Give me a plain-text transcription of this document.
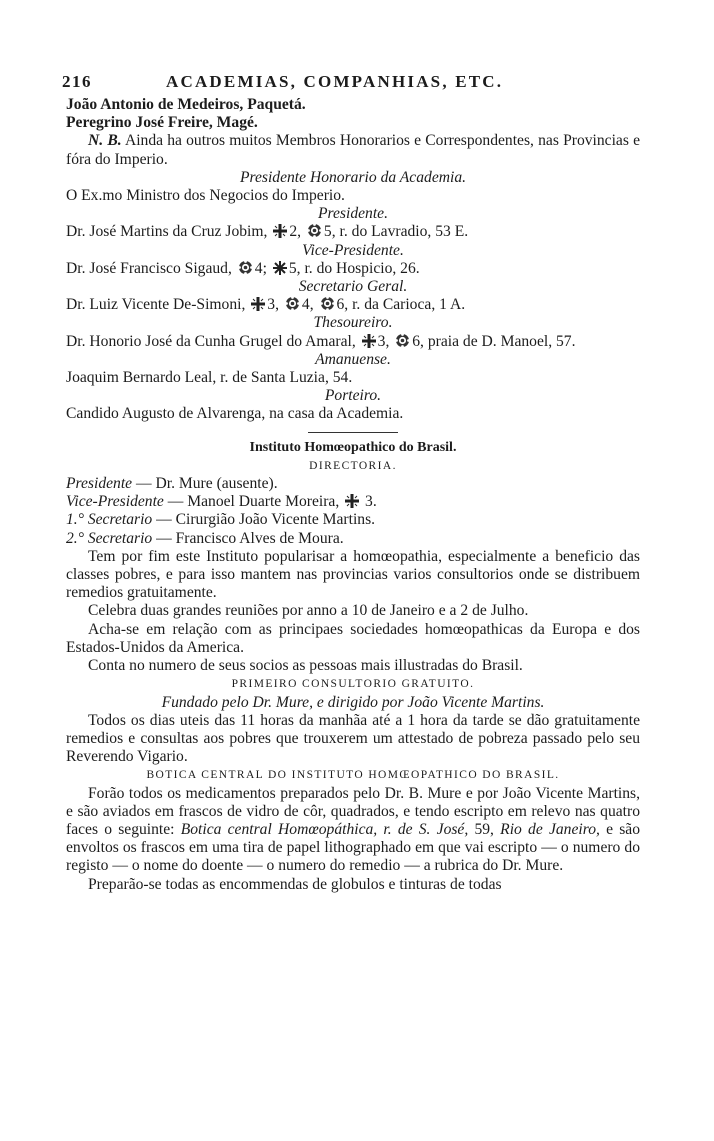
216	ACADEMIAS, COMPANHIAS, ETC.

João Antonio de Medeiros, Paquetá.

Peregrino José Freire, Magé.

N. B. Ainda ha outros muitos Membros Honorarios e Correspondentes, nas Provincias e fóra do Imperio.

Presidente Honorario da Academia.

O Ex.mo Ministro dos Negocios do Imperio.

Presidente.

Dr. José Martins da Cruz Jobim, 2, 5, r. do Lavradio, 53 E.

Vice-Presidente.

Dr. José Francisco Sigaud, 4; 5, r. do Hospicio, 26.

Secretario Geral.

Dr. Luiz Vicente De-Simoni, 3, 4, 6, r. da Carioca, 1 A.

Thesoureiro.

Dr. Honorio José da Cunha Grugel do Amaral, 3, 6, praia de D. Manoel, 57.

Amanuense.

Joaquim Bernardo Leal, r. de Santa Luzia, 54.

Porteiro.

Candido Augusto de Alvarenga, na casa da Academia.

Instituto Homœopathico do Brasil.

DIRECTORIA.

Presidente — Dr. Mure (ausente).

Vice-Presidente — Manoel Duarte Moreira,  3.

1.° Secretario — Cirurgião João Vicente Martins.

2.° Secretario — Francisco Alves de Moura.

Tem por fim este Instituto popularisar a homœopathia, especialmente a beneficio das classes pobres, e para isso mantem nas provincias varios consultorios onde se distribuem remedios gratuitamente.

Celebra duas grandes reuniões por anno a 10 de Janeiro e a 2 de Julho.

Acha-se em relação com as principaes sociedades homœopathicas da Europa e dos Estados-Unidos da America.

Conta no numero de seus socios as pessoas mais illustradas do Brasil.

PRIMEIRO CONSULTORIO GRATUITO.

Fundado pelo Dr. Mure, e dirigido por João Vicente Martins.

Todos os dias uteis das 11 horas da manhãa até a 1 hora da tarde se dão gratuitamente remedios e consultas aos pobres que trouxerem um attestado de pobreza passado pelo seu Reverendo Vigario.

BOTICA CENTRAL DO INSTITUTO HOMŒOPATHICO DO BRASIL.

Forão todos os medicamentos preparados pelo Dr. B. Mure e por João Vicente Martins, e são aviados em frascos de vidro de côr, quadrados, e tendo escripto em relevo nas quatro faces o seguinte: Botica central Homœopáthica, r. de S. José, 59, Rio de Janeiro, e são envoltos os frascos em uma tira de papel lithographado em que vai escripto — o numero do registo — o nome do doente — o numero do remedio — a rubrica do Dr. Mure.

Preparão-se todas as encommendas de globulos e tinturas de todas
